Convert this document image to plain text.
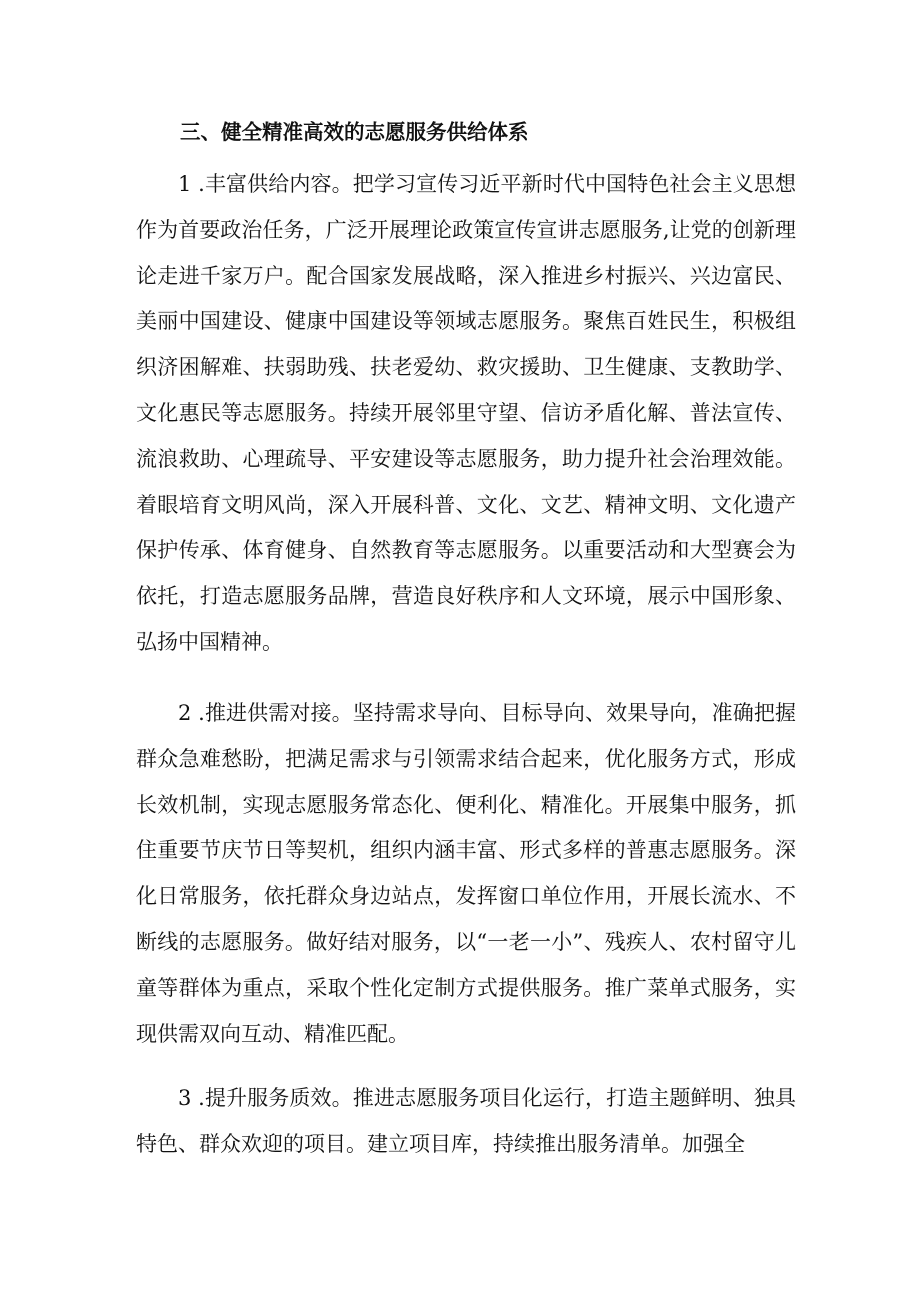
三、健全精准高效的志愿服务供给体系

1 .丰富供给内容。把学习宣传习近平新时代中国特色社会主义思想作为首要政治任务，广泛开展理论政策宣传宣讲志愿服务,让党的创新理论走进千家万户。配合国家发展战略，深入推进乡村振兴、兴边富民、美丽中国建设、健康中国建设等领域志愿服务。聚焦百姓民生，积极组织济困解难、扶弱助残、扶老爱幼、救灾援助、卫生健康、支教助学、文化惠民等志愿服务。持续开展邻里守望、信访矛盾化解、普法宣传、流浪救助、心理疏导、平安建设等志愿服务，助力提升社会治理效能。着眼培育文明风尚，深入开展科普、文化、文艺、精神文明、文化遗产保护传承、体育健身、自然教育等志愿服务。以重要活动和大型赛会为依托，打造志愿服务品牌，营造良好秩序和人文环境，展示中国形象、弘扬中国精神。

2 .推进供需对接。坚持需求导向、目标导向、效果导向，准确把握群众急难愁盼，把满足需求与引领需求结合起来，优化服务方式，形成长效机制，实现志愿服务常态化、便利化、精准化。开展集中服务，抓住重要节庆节日等契机，组织内涵丰富、形式多样的普惠志愿服务。深化日常服务，依托群众身边站点，发挥窗口单位作用，开展长流水、不断线的志愿服务。做好结对服务，以“一老一小”、残疾人、农村留守儿童等群体为重点，采取个性化定制方式提供服务。推广菜单式服务，实现供需双向互动、精准匹配。

3 .提升服务质效。推进志愿服务项目化运行，打造主题鲜明、独具特色、群众欢迎的项目。建立项目库，持续推出服务清单。加强全
